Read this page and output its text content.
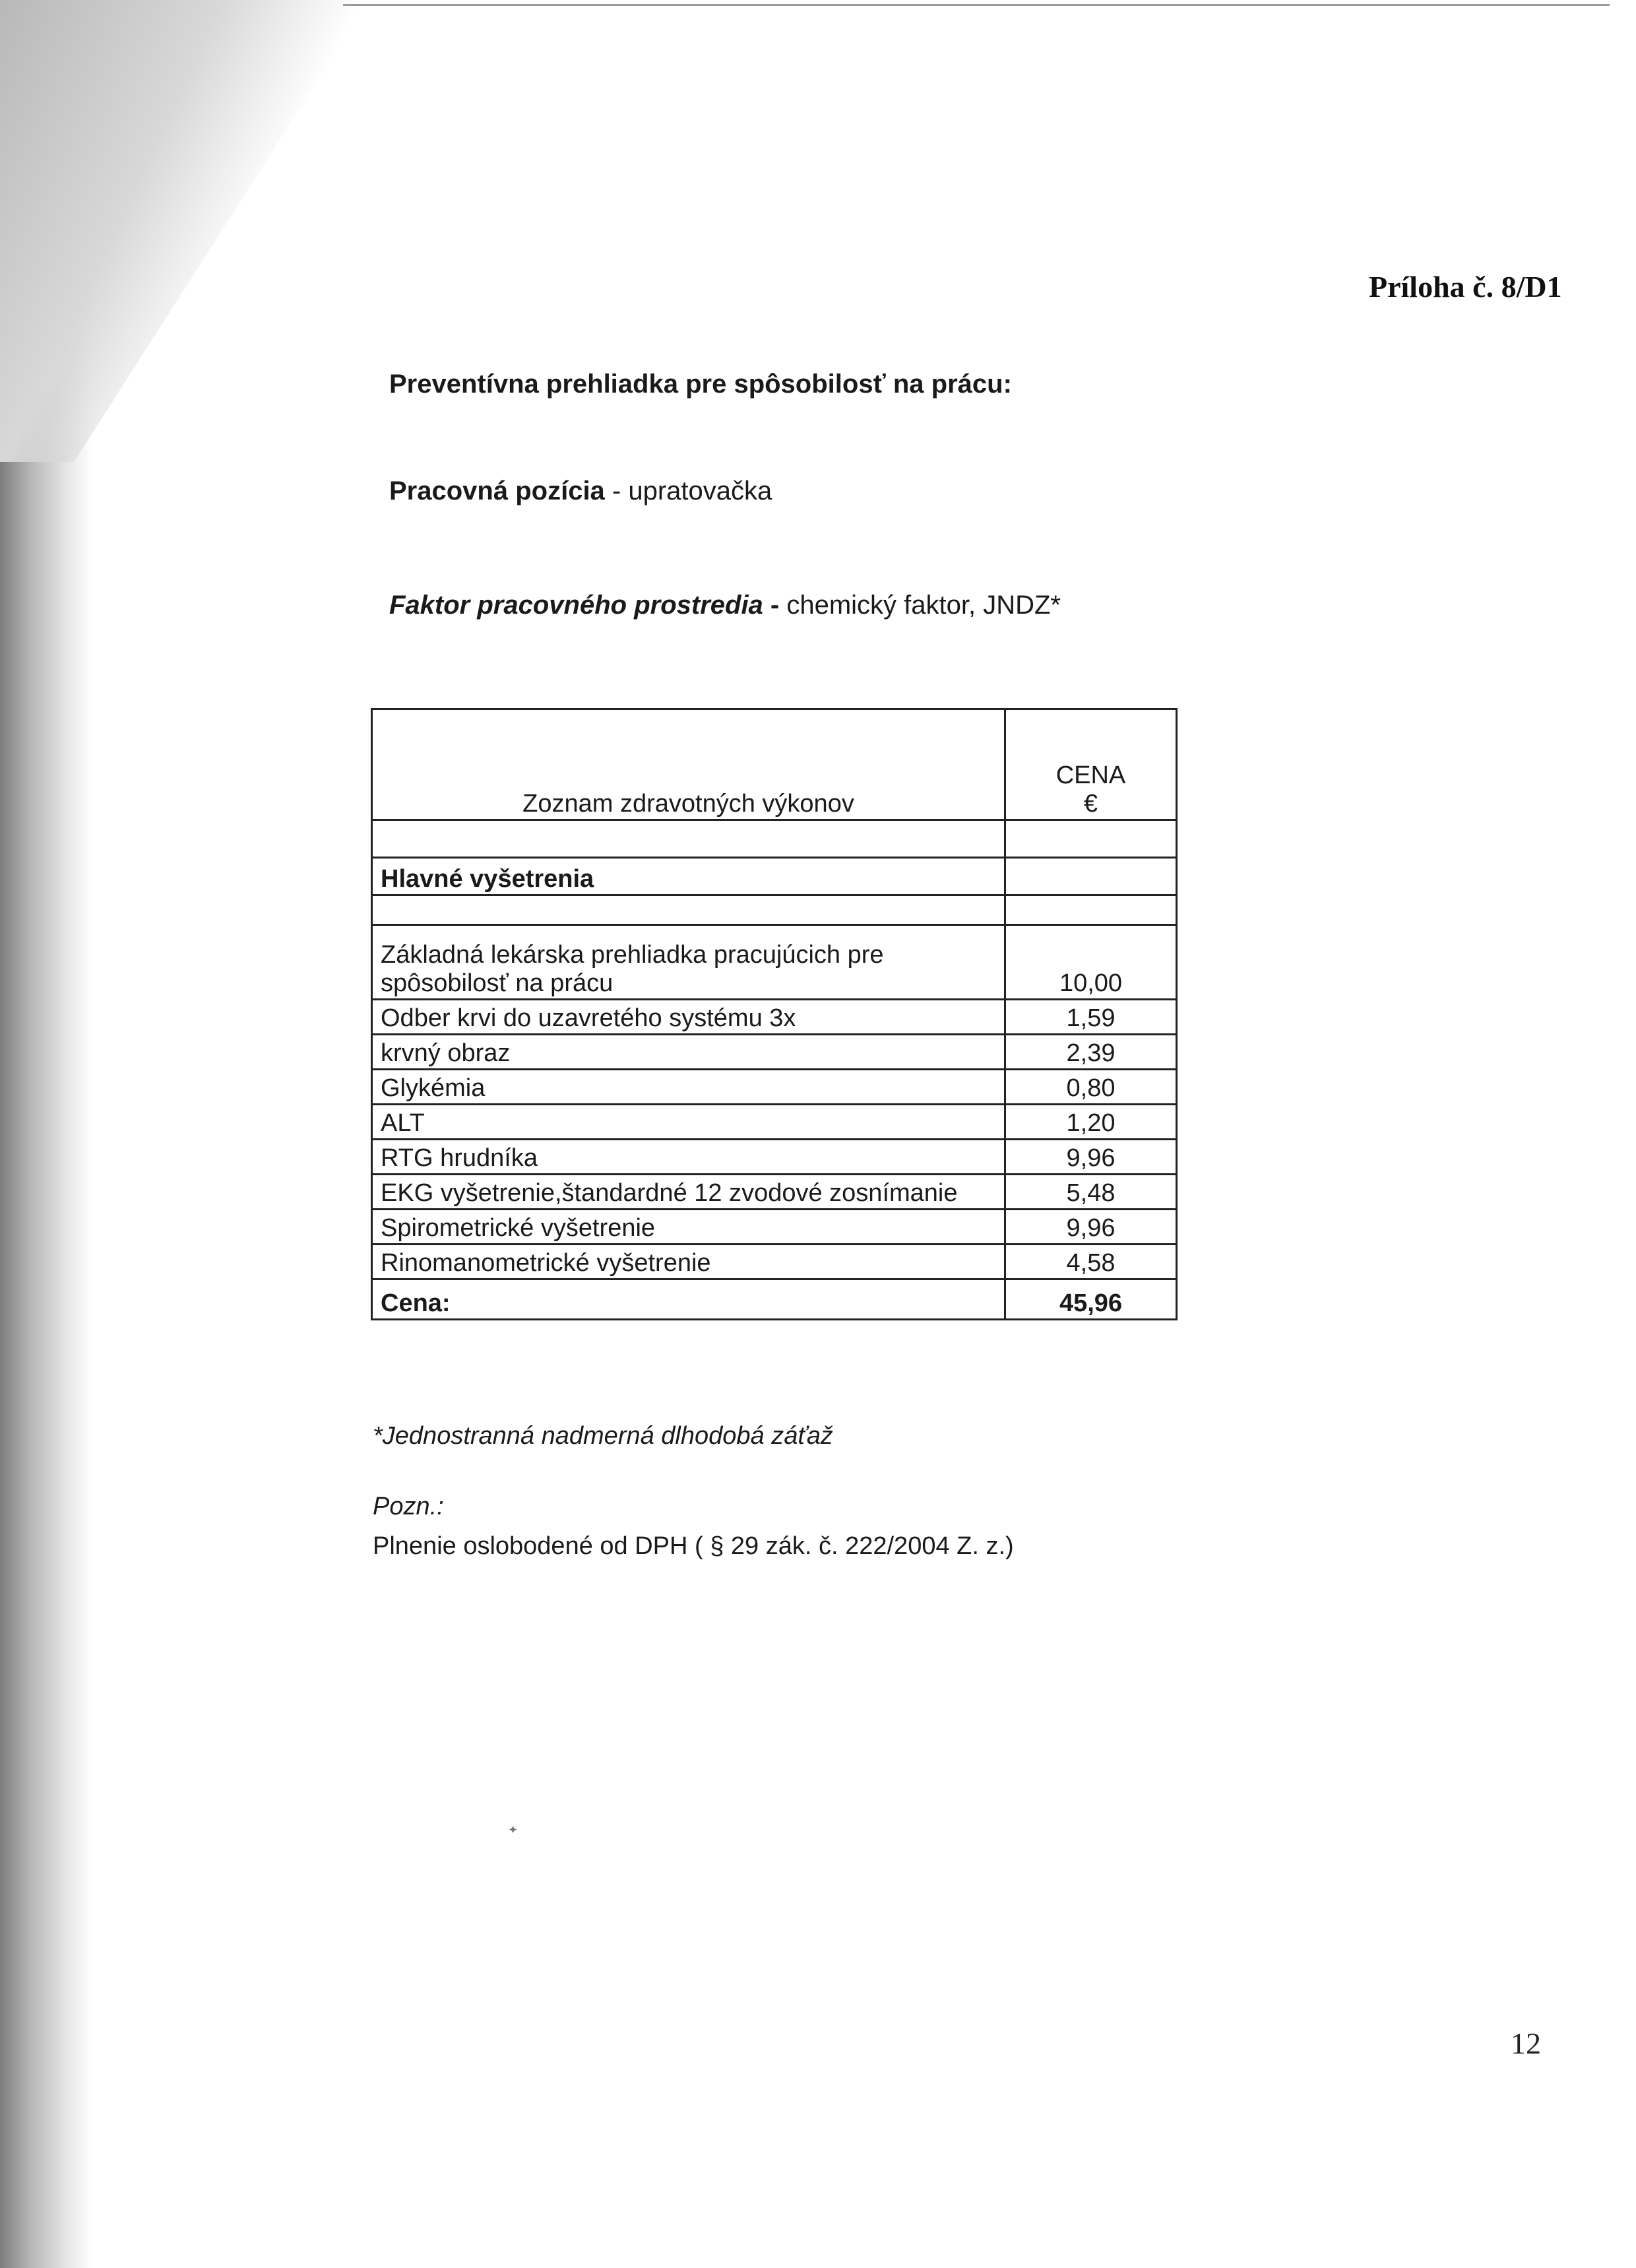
Príloha č. 8/D1
Preventívna prehliadka pre spôsobilosť na prácu:
Pracovná pozícia - upratovačka
Faktor pracovného prostredia - chemický faktor, JNDZ*
Zoznam zdravotných výkonov	CENA
€

Hlavné vyšetrenia	

Základná lekárska prehliadka pracujúcich pre spôsobilosť na prácu	10,00
Odber krvi do uzavretého systému 3x	1,59
krvný obraz	2,39
Glykémia	0,80
ALT	1,20
RTG hrudníka	9,96
EKG vyšetrenie,štandardné 12 zvodové zosnímanie	5,48
Spirometrické vyšetrenie	9,96
Rinomanometrické vyšetrenie	4,58
Cena:	45,96
*Jednostranná nadmerná dlhodobá záťaž
Pozn.:
Plnenie oslobodené od DPH ( § 29 zák. č. 222/2004 Z. z.)
✦
12
